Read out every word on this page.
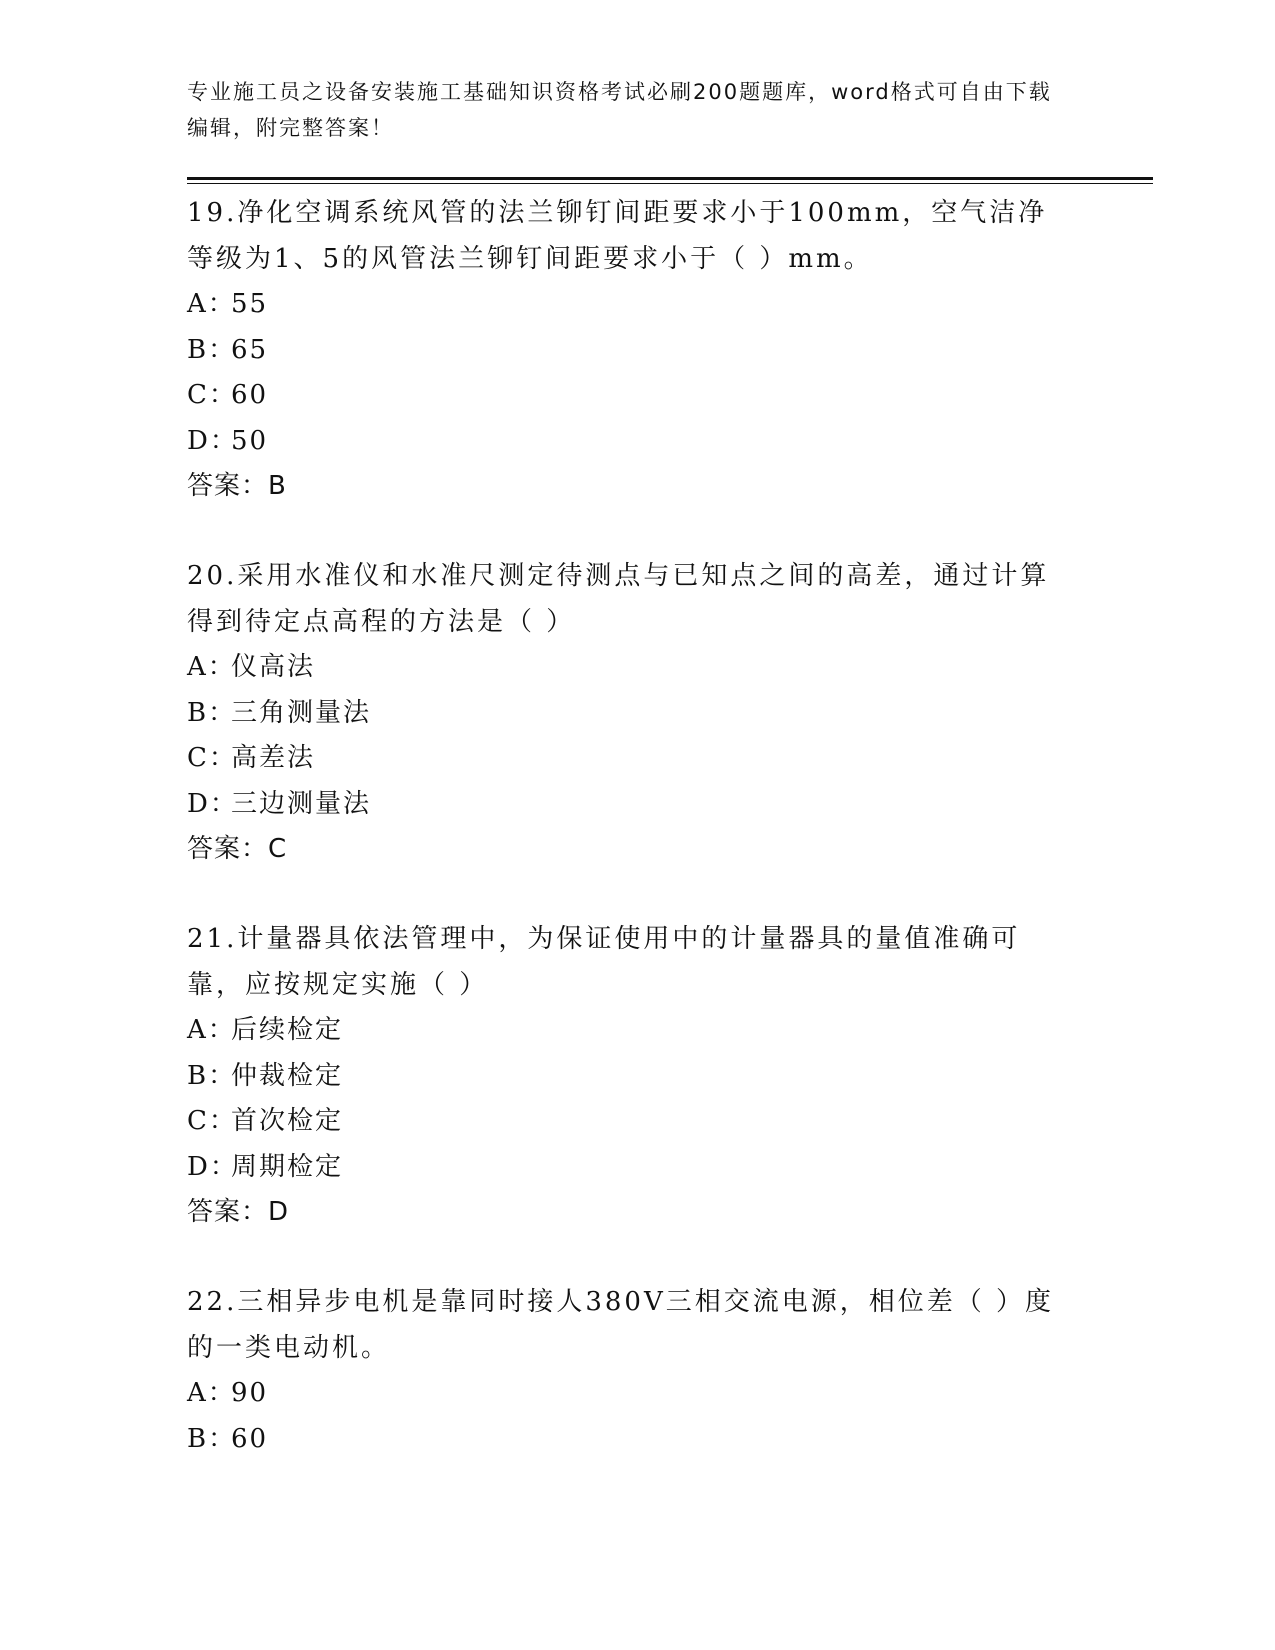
专业施工员之设备安装施工基础知识资格考试必刷200题题库，word格式可自由下载编辑，附完整答案！
19.净化空调系统风管的法兰铆钉间距要求小于100mm，空气洁净等级为1、5的风管法兰铆钉间距要求小于（ ）mm。
A：55
B：65
C：60
D：50
答案：B
20.采用水准仪和水准尺测定待测点与已知点之间的高差，通过计算得到待定点高程的方法是（ ）
A：仪高法
B：三角测量法
C：高差法
D：三边测量法
答案：C
21.计量器具依法管理中，为保证使用中的计量器具的量值准确可靠，应按规定实施（ ）
A：后续检定
B：仲裁检定
C：首次检定
D：周期检定
答案：D
22.三相异步电机是靠同时接人380V三相交流电源，相位差（ ）度的一类电动机。
A：90
B：60
